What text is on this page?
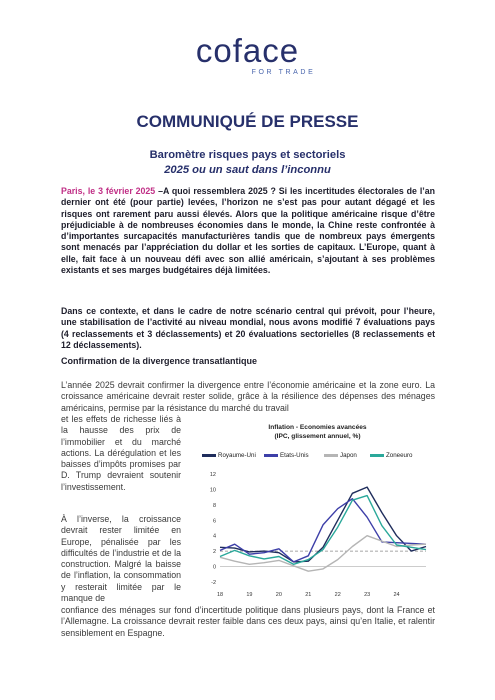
coface
FOR TRADE
COMMUNIQUÉ DE PRESSE
Baromètre risques pays et sectoriels
2025 ou un saut dans l’inconnu
Paris, le 3 février 2025 –A quoi ressemblera 2025 ? Si les incertitudes électorales de l’an dernier ont été (pour partie) levées, l’horizon ne s’est pas pour autant dégagé et les risques ont rarement paru aussi élevés. Alors que la politique américaine risque d’être préjudiciable à de nombreuses économies dans le monde, la Chine reste confrontée à d’importantes surcapacités manufacturières tandis que de nombreux pays émergents sont menacés par l’appréciation du dollar et les sorties de capitaux. L’Europe, quant à elle, fait face à un nouveau défi avec son allié américain, s’ajoutant à ses problèmes existants et ses marges budgétaires déjà limitées.
Dans ce contexte, et dans le cadre de notre scénario central qui prévoit, pour l’heure, une stabilisation de l’activité au niveau mondial, nous avons modifié 7 évaluations pays (4 reclassements et 3 déclassements) et 20 évaluations sectorielles (8 reclassements et 12 déclassements).
Confirmation de la divergence transatlantique
L’année 2025 devrait confirmer la divergence entre l’économie américaine et la zone euro. La croissance américaine devrait rester solide, grâce à la résilience des dépenses des ménages américains, permise par la résistance du marché du travail
et les effets de richesse liés à la hausse des prix de l’immobilier et du marché actions. La dérégulation et les baisses d’impôts promises par D. Trump devraient soutenir l’investissement.
À l’inverse, la croissance devrait rester limitée en Europe, pénalisée par les difficultés de l’industrie et de la construction. Malgré la baisse de l’inflation, la consommation y resterait limitée par le manque de
confiance des ménages sur fond d’incertitude politique dans plusieurs pays, dont la France et l’Allemagne. La croissance devrait rester faible dans ces deux pays, ainsi qu’en Italie, et ralentir sensiblement en Espagne.
Inflation - Economies avancées
(IPC, glissement annuel, %)
Royaume-Uni	Etats-Unis	Japon	Zoneeuro
-2
0
2
4
6
8
10
12
18	19	20	21	22	23	24
